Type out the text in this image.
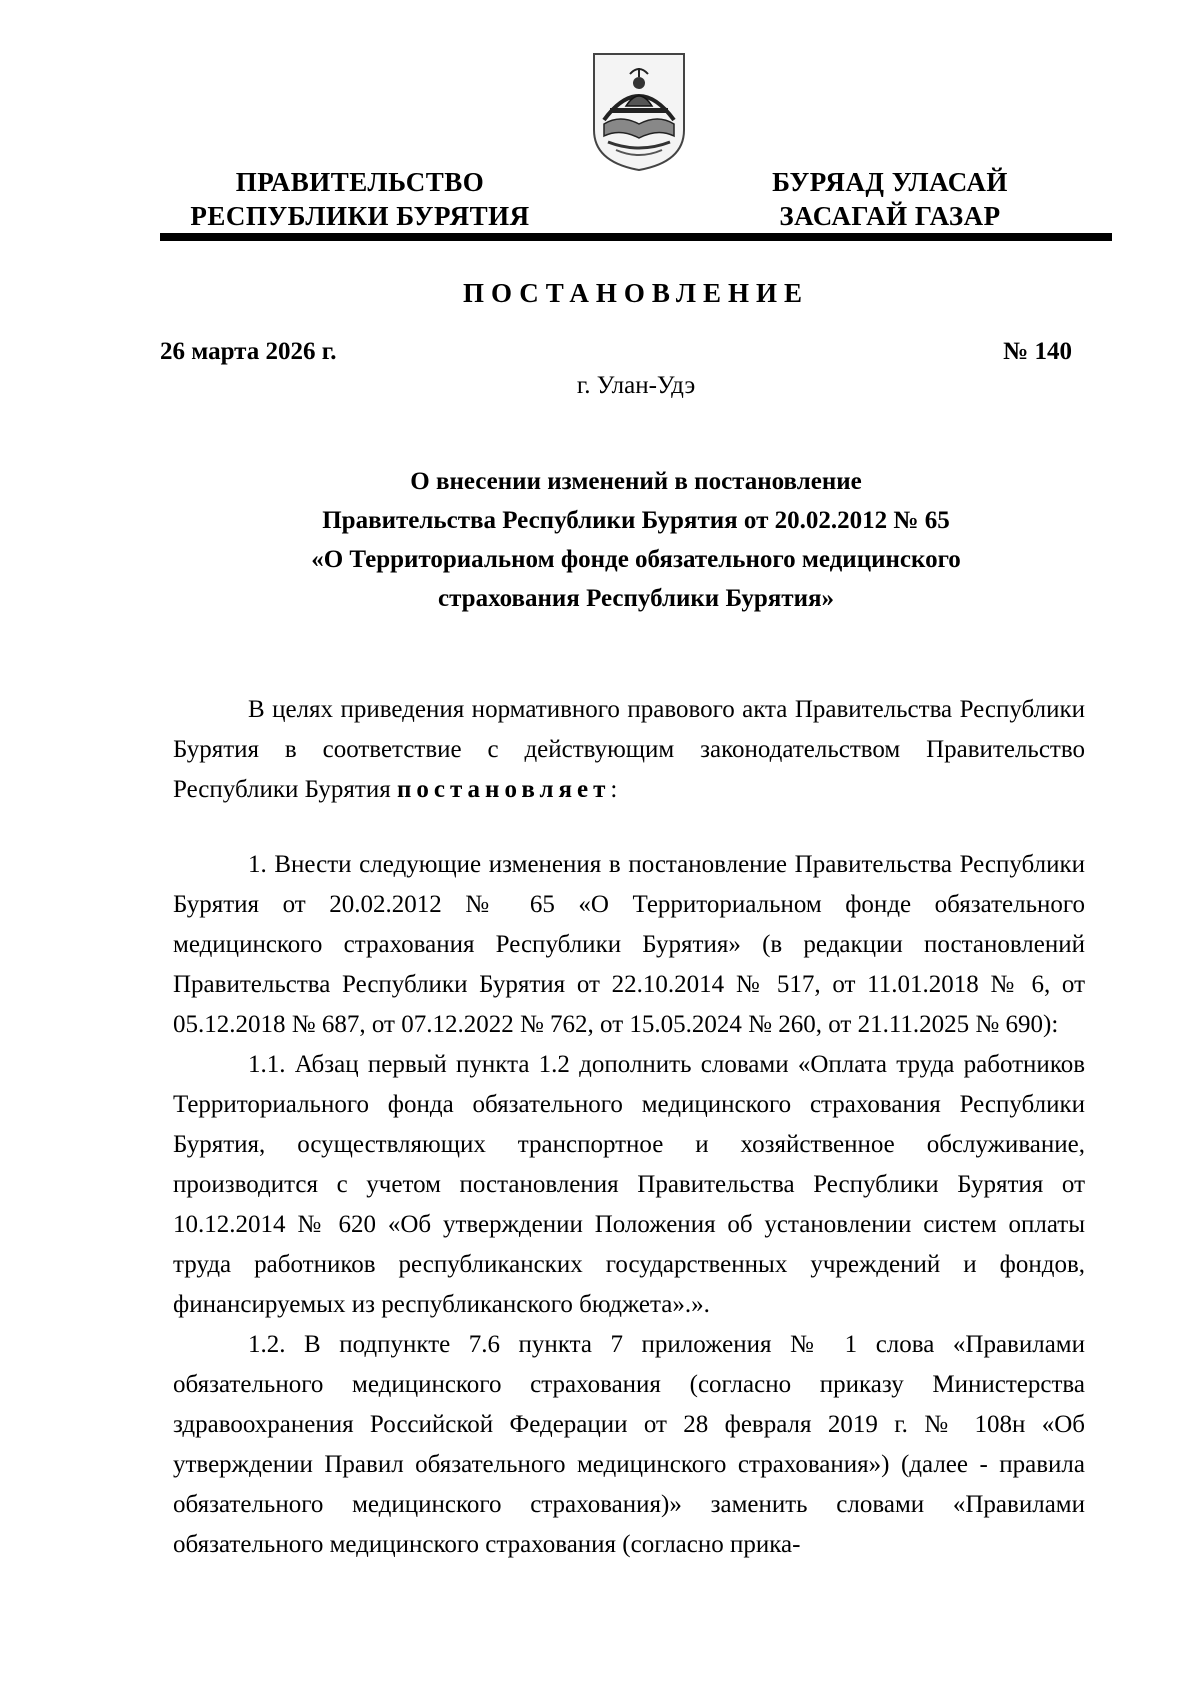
ПРАВИТЕЛЬСТВО
РЕСПУБЛИКИ БУРЯТИЯ
БУРЯАД УЛАСАЙ
ЗАСАГАЙ ГАЗАР
ПОСТАНОВЛЕНИЕ
26 марта 2026 г.	№ 140
г. Улан-Удэ
О внесении изменений в постановление
Правительства Республики Бурятия от 20.02.2012 № 65
«О Территориальном фонде обязательного медицинского
страхования Республики Бурятия»

В целях приведения нормативного правового акта Правительства Республики Бурятия в соответствие с действующим законодательством Правительство Республики Бурятия постановляет:

1. Внести следующие изменения в постановление Правительства Республики Бурятия от 20.02.2012 № 65 «О Территориальном фонде обязательного медицинского страхования Республики Бурятия» (в редакции постановлений Правительства Республики Бурятия от 22.10.2014 № 517, от 11.01.2018 № 6, от 05.12.2018 № 687, от 07.12.2022 № 762, от 15.05.2024 № 260, от 21.11.2025 № 690):

1.1. Абзац первый пункта 1.2 дополнить словами «Оплата труда работников Территориального фонда обязательного медицинского страхования Республики Бурятия, осуществляющих транспортное и хозяйственное обслуживание, производится с учетом постановления Правительства Республики Бурятия от 10.12.2014 № 620 «Об утверждении Положения об установлении систем оплаты труда работников республиканских государственных учреждений и фондов, финансируемых из республиканского бюджета».».

1.2. В подпункте 7.6 пункта 7 приложения № 1 слова «Правилами обязательного медицинского страхования (согласно приказу Министерства здравоохранения Российской Федерации от 28 февраля 2019 г. № 108н «Об утверждении Правил обязательного медицинского страхования») (далее - правила обязательного медицинского страхования)» заменить словами «Правилами обязательного медицинского страхования (согласно прика-
